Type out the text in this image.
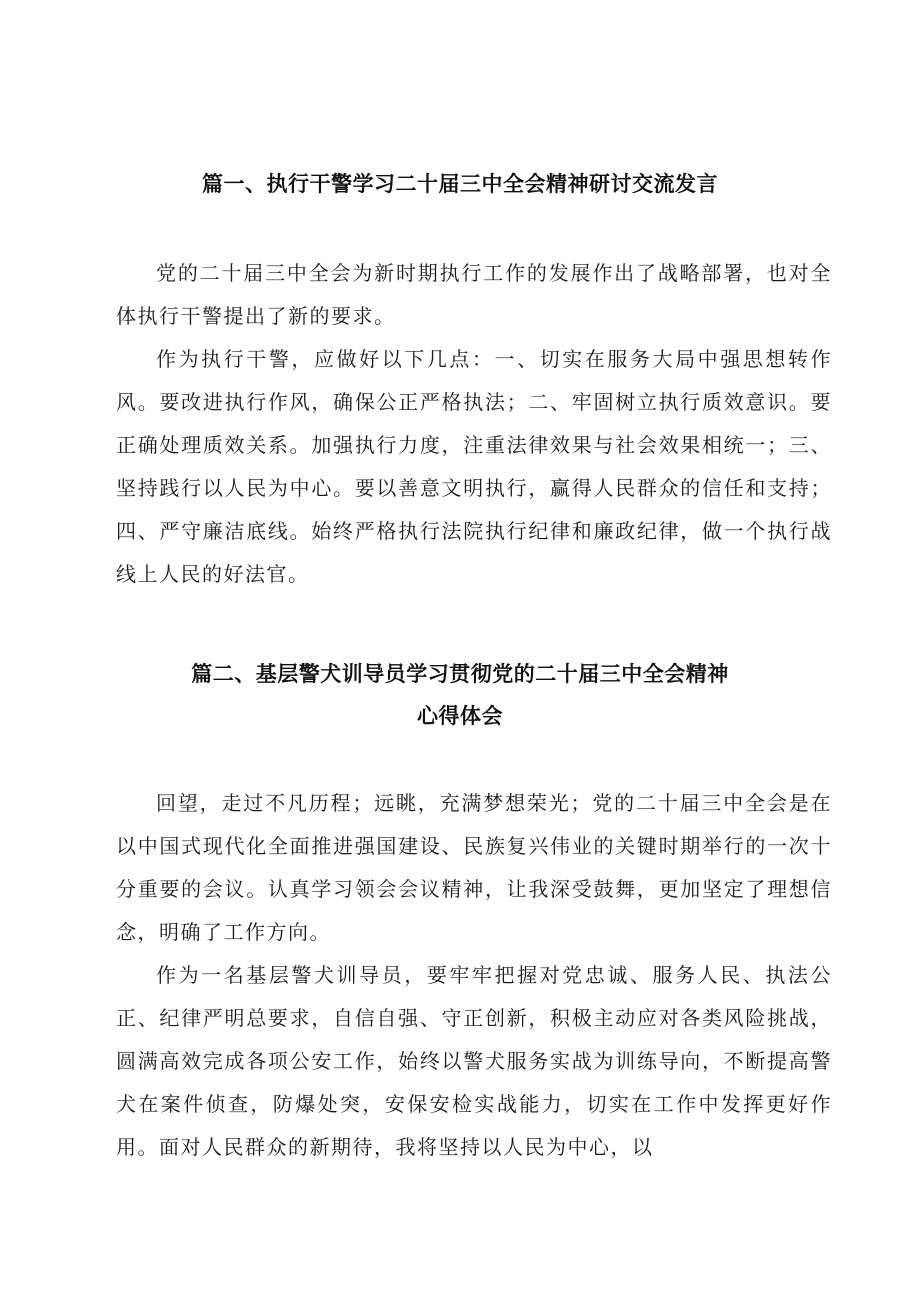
篇一、执行干警学习二十届三中全会精神研讨交流发言

党的二十届三中全会为新时期执行工作的发展作出了战略部署，也对全体执行干警提出了新的要求。

作为执行干警，应做好以下几点：一、切实在服务大局中强思想转作风。要改进执行作风，确保公正严格执法；二、牢固树立执行质效意识。要正确处理质效关系。加强执行力度，注重法律效果与社会效果相统一；三、坚持践行以人民为中心。要以善意文明执行，赢得人民群众的信任和支持；四、严守廉洁底线。始终严格执行法院执行纪律和廉政纪律，做一个执行战线上人民的好法官。

篇二、基层警犬训导员学习贯彻党的二十届三中全会精神
心得体会

回望，走过不凡历程；远眺，充满梦想荣光；党的二十届三中全会是在以中国式现代化全面推进强国建设、民族复兴伟业的关键时期举行的一次十分重要的会议。认真学习领会会议精神，让我深受鼓舞，更加坚定了理想信念，明确了工作方向。

作为一名基层警犬训导员，要牢牢把握对党忠诚、服务人民、执法公正、纪律严明总要求，自信自强、守正创新，积极主动应对各类风险挑战，圆满高效完成各项公安工作，始终以警犬服务实战为训练导向，不断提高警犬在案件侦查，防爆处突，安保安检实战能力，切实在工作中发挥更好作用。面对人民群众的新期待，我将坚持以人民为中心，以
